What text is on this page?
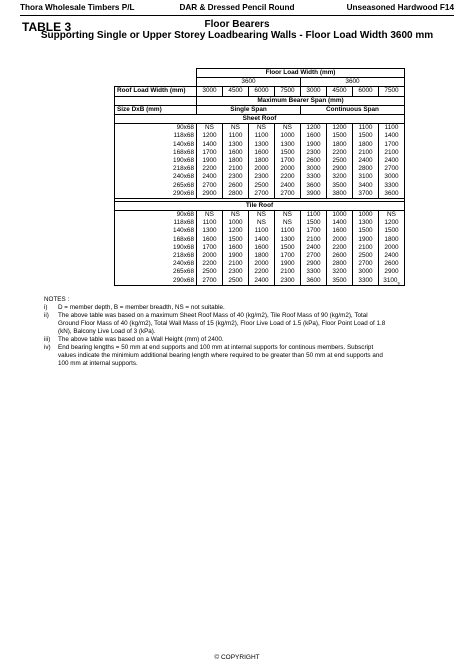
Thora Wholesale Timbers P/L	DAR & Dressed Pencil Round	Unseasoned Hardwood F14
TABLE 3	Floor Bearers
Supporting Single or Upper Storey Loadbearing Walls - Floor Load Width 3600 mm
	Floor Load Width (mm)							
	3600				3600			
Roof Load Width (mm)	3000	4500	6000	7500	3000	4500	6000	7500
	Maximum Bearer Span (mm)							
Size DxB (mm)	Single Span				Continuous Span			
Sheet Roof								
90x68	NS	NS	NS	NS	1200	1200	1100	1100
118x68	1200	1100	1100	1000	1600	1500	1500	1400
140x68	1400	1300	1300	1300	1900	1800	1800	1700
168x68	1700	1600	1600	1500	2300	2200	2100	2100
190x68	1900	1800	1800	1700	2600	2500	2400	2400
218x68	2200	2100	2000	2000	3000	2900	2800	2700
240x68	2400	2300	2300	2200	3300	3200	3100	3000
265x68	2700	2600	2500	2400	3600	3500	3400	3300
290x68	2900	2800	2700	2700	3900	3800	3700	3600

Tile Roof								
90x68	NS	NS	NS	NS	1100	1000	1000	NS
118x68	1100	1000	NS	NS	1500	1400	1300	1200
140x68	1300	1200	1100	1100	1700	1600	1500	1500
168x68	1600	1500	1400	1300	2100	2000	1900	1800
190x68	1700	1600	1600	1500	2400	2200	2100	2000
218x68	2000	1900	1800	1700	2700	2600	2500	2400
240x68	2200	2100	2000	1900	2900	2800	2700	2600
265x68	2500	2300	2200	2100	3300	3200	3000	2900
290x68	2700	2500	2400	2300	3600	3500	3300	$3100_s$
NOTES :
i)	D = member depth, B = member breadth, NS = not suitable.
ii)	The above table was based on a maximum Sheet Roof Mass of 40 (kg/m2), Tile Roof Mass of 90 (kg/m2), Total Ground Floor Mass of 40 (kg/m2), Total Wall Mass of 15 (kg/m2), Floor Live Load of 1.5 (kPa), Floor Point Load of 1.8 (kN), Balcony Live Load of 3 (kPa).
iii)	The above table was based on a Wall Height (mm) of 2400.
iv)	End bearing lengths = 50 mm at end supports and 100 mm at internal supports for continous members. Subscript values indicate the minimium additional bearing length where required to be greater than 50 mm at end supports and 100 mm at internal supports.
© COPYRIGHT
